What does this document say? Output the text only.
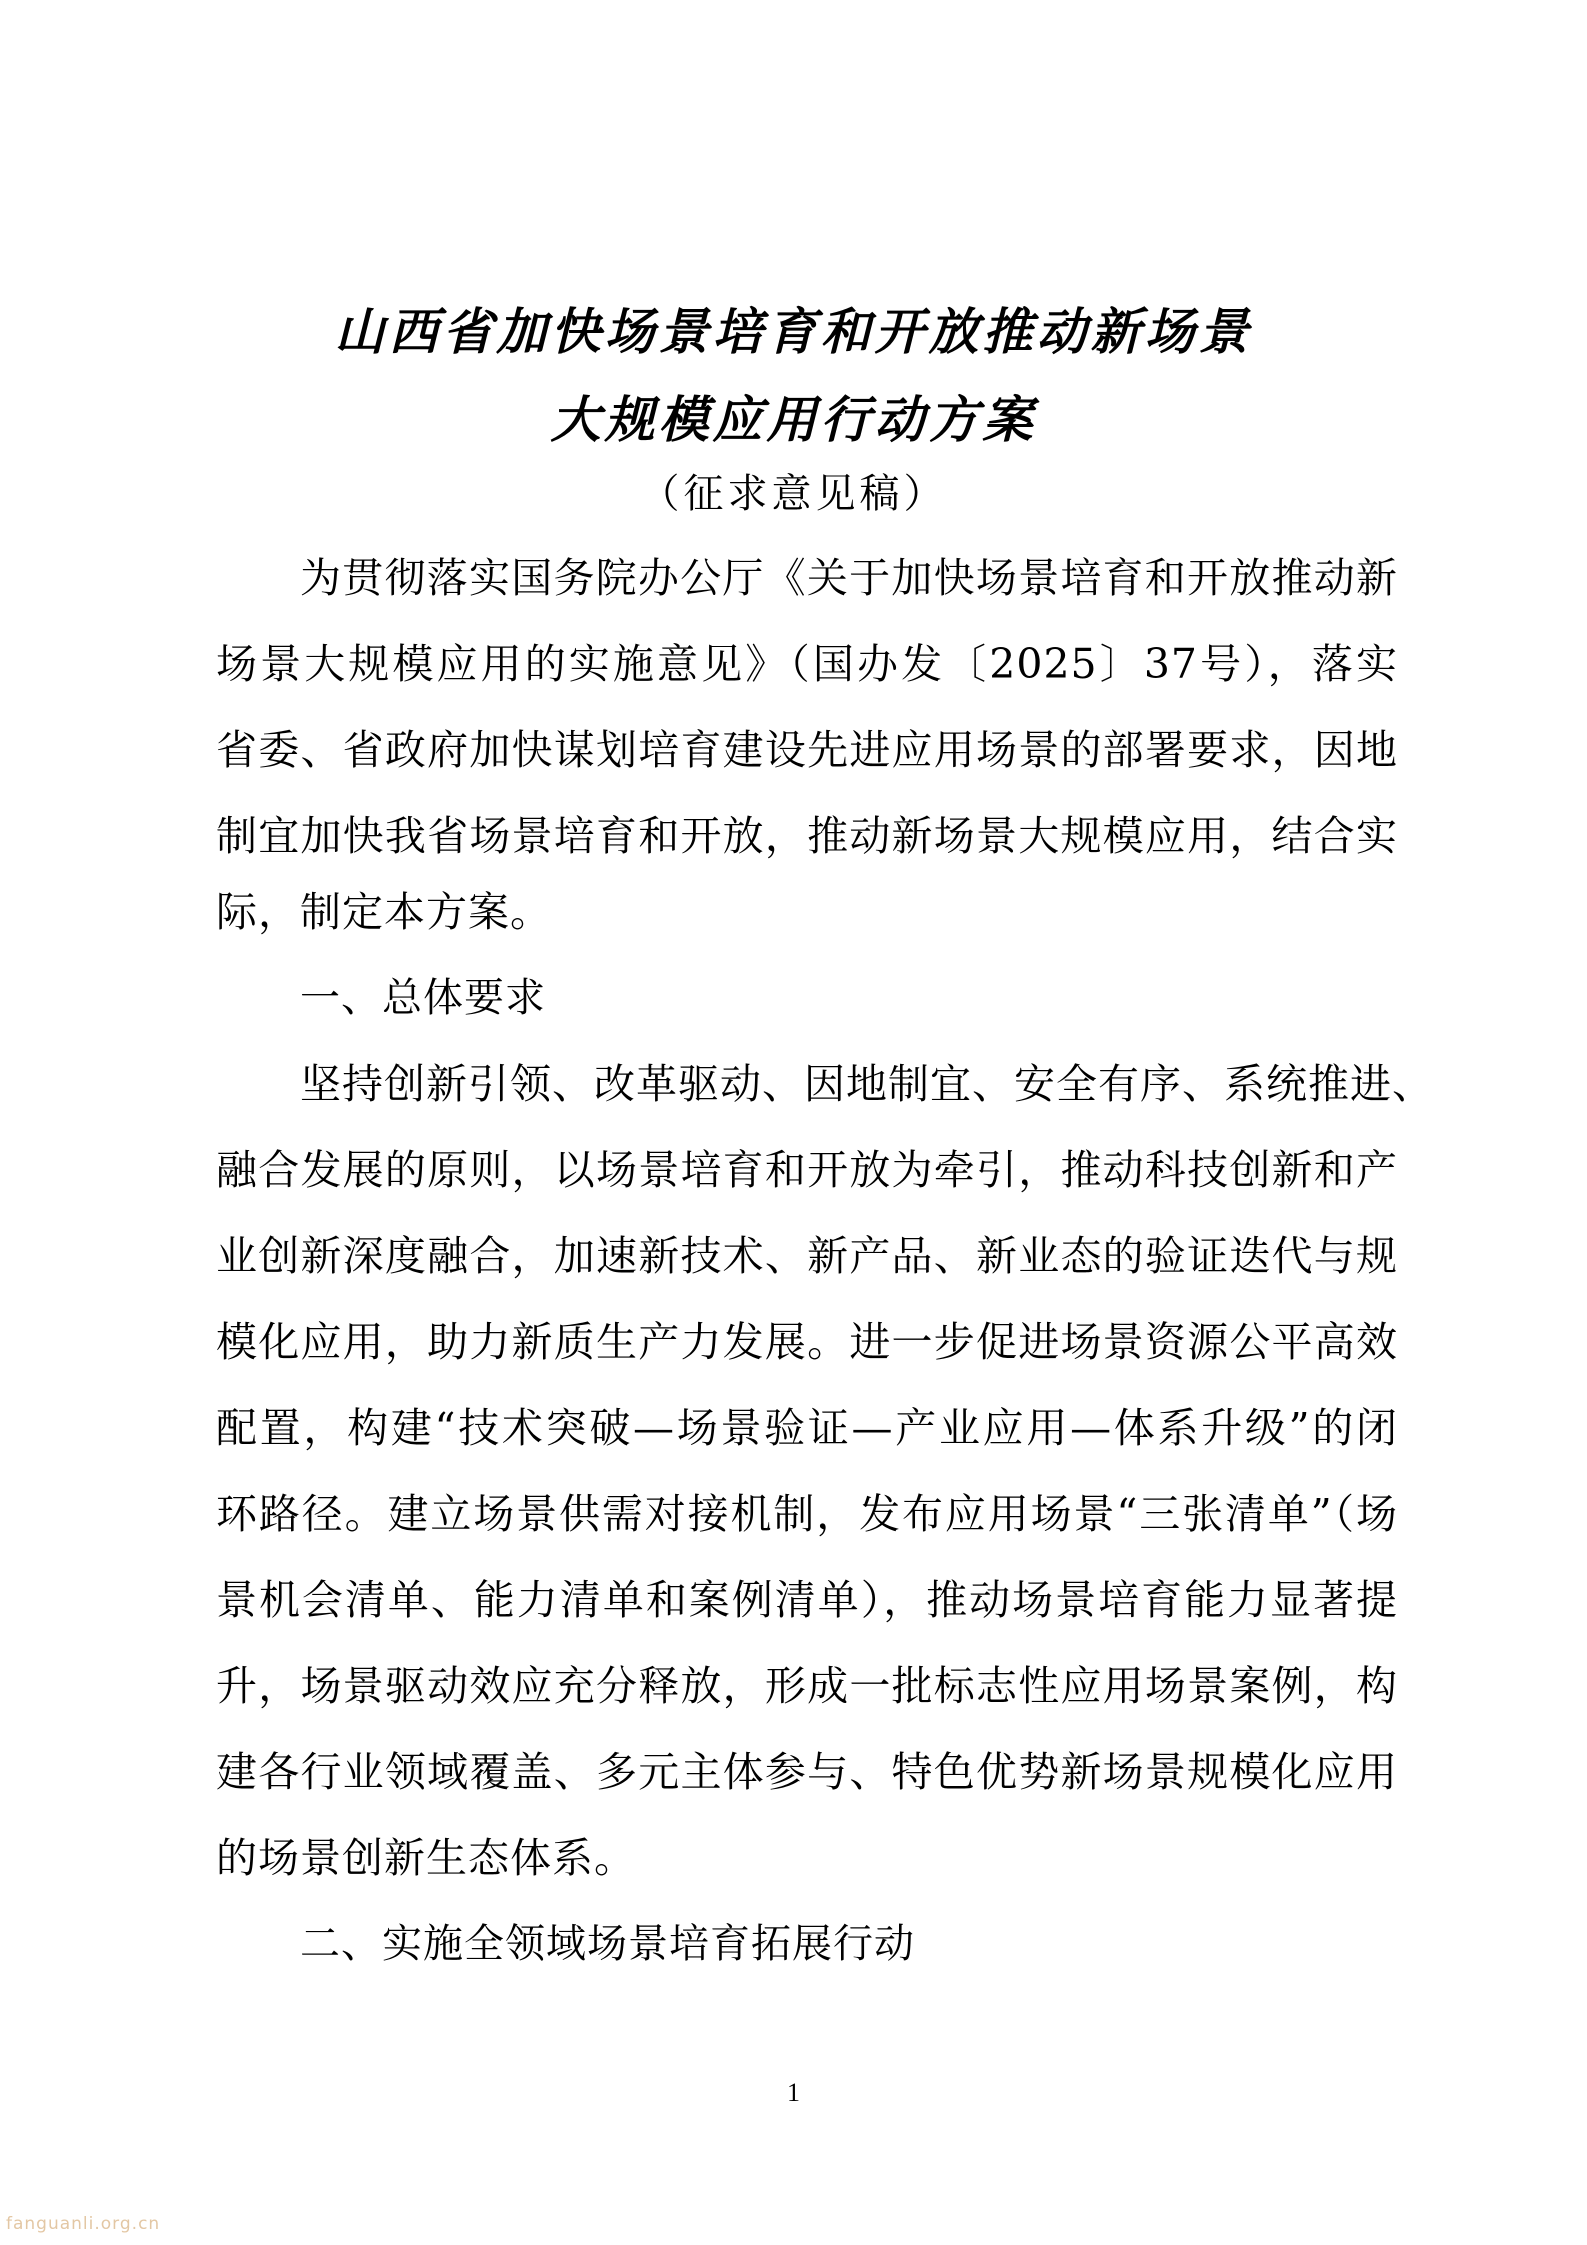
山西省加快场景培育和开放推动新场景
大规模应用行动方案
（征求意见稿）
为贯彻落实国务院办公厅《关于加快场景培育和开放推动新
场景大规模应用的实施意见》（国办发〔2025〕37号），落实
省委、省政府加快谋划培育建设先进应用场景的部署要求，因地
制宜加快我省场景培育和开放，推动新场景大规模应用，结合实
际，制定本方案。
一、总体要求
坚持创新引领、改革驱动、因地制宜、安全有序、系统推进、
融合发展的原则，以场景培育和开放为牵引，推动科技创新和产
业创新深度融合，加速新技术、新产品、新业态的验证迭代与规
模化应用，助力新质生产力发展。进一步促进场景资源公平高效
配置，构建“技术突破—场景验证—产业应用—体系升级”的闭
环路径。建立场景供需对接机制，发布应用场景“三张清单”（场
景机会清单、能力清单和案例清单），推动场景培育能力显著提
升，场景驱动效应充分释放，形成一批标志性应用场景案例，构
建各行业领域覆盖、多元主体参与、特色优势新场景规模化应用
的场景创新生态体系。
二、实施全领域场景培育拓展行动
1
fanguanli.org.cn
